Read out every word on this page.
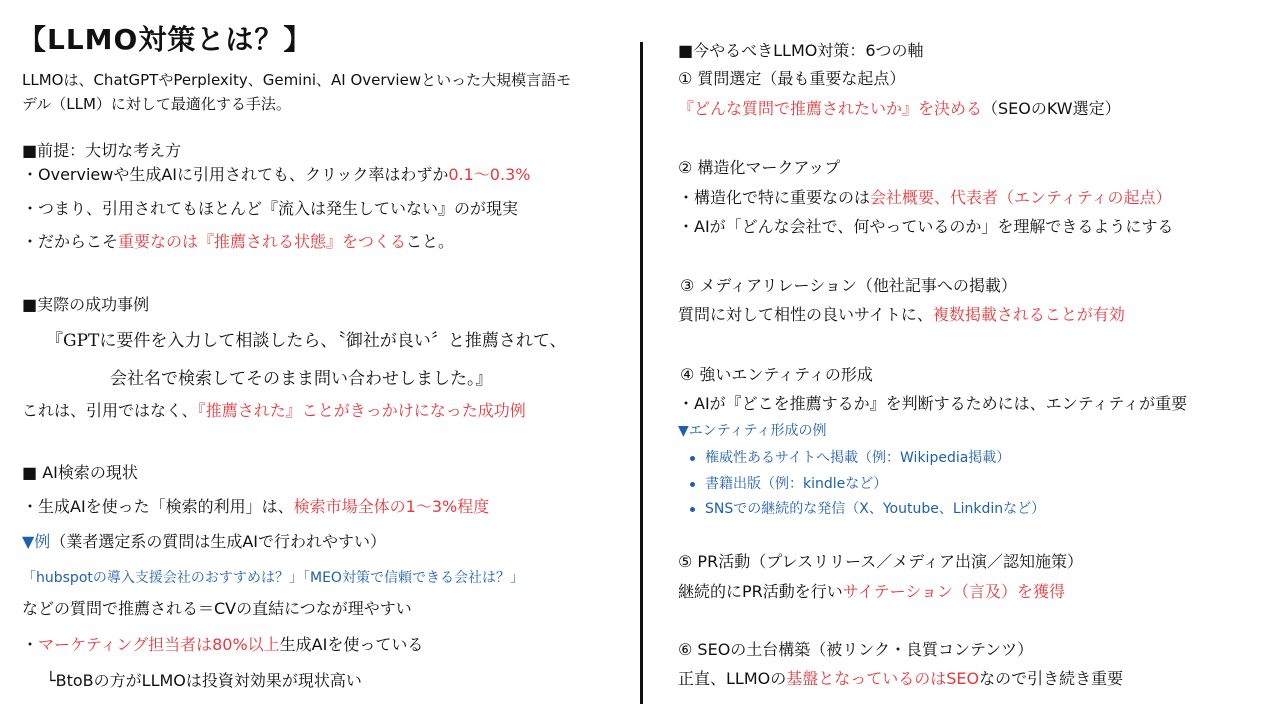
【LLMO対策とは？】
LLMOは、ChatGPTやPerplexity、Gemini、AI Overviewといった大規模言語モ
デル（LLM）に対して最適化する手法。
■前提：大切な考え方
・Overviewや生成AIに引用されても、クリック率はわずか0.1〜0.3%
・つまり、引用されてもほとんど『流入は発生していない』のが現実
・だからこそ重要なのは『推薦される状態』をつくること。
■実際の成功事例
『GPTに要件を入力して相談したら、〝御社が良い〞と推薦されて、
会社名で検索してそのまま問い合わせしました。』
これは、引用ではなく、『推薦された』ことがきっかけになった成功例
■ AI検索の現状
・生成AIを使った「検索的利用」は、検索市場全体の1〜3%程度
▼例（業者選定系の質問は生成AIで行われやすい）
「hubspotの導入支援会社のおすすめは？」「MEO対策で信頼できる会社は？」
などの質問で推薦される＝CVの直結につなが理やすい
・マーケティング担当者は80%以上生成AIを使っている
└BtoBの方がLLMOは投資対効果が現状高い
■今やるべきLLMO対策：6つの軸
① 質問選定（最も重要な起点）
『どんな質問で推薦されたいか』を決める（SEOのKW選定）
② 構造化マークアップ
・構造化で特に重要なのは会社概要、代表者（エンティティの起点）
・AIが「どんな会社で、何やっているのか」を理解できるようにする
③ メディアリレーション（他社記事への掲載）
質問に対して相性の良いサイトに、複数掲載されることが有効
④ 強いエンティティの形成
・AIが『どこを推薦するか』を判断するためには、エンティティが重要
▼エンティティ形成の例
権威性あるサイトへ掲載（例：Wikipedia掲載）
書籍出版（例：kindleなど）
SNSでの継続的な発信（X、Youtube、Linkdinなど）
⑤ PR活動（プレスリリース／メディア出演／認知施策）
継続的にPR活動を行いサイテーション（言及）を獲得
⑥ SEOの土台構築（被リンク・良質コンテンツ）
正直、LLMOの基盤となっているのはSEOなので引き続き重要
